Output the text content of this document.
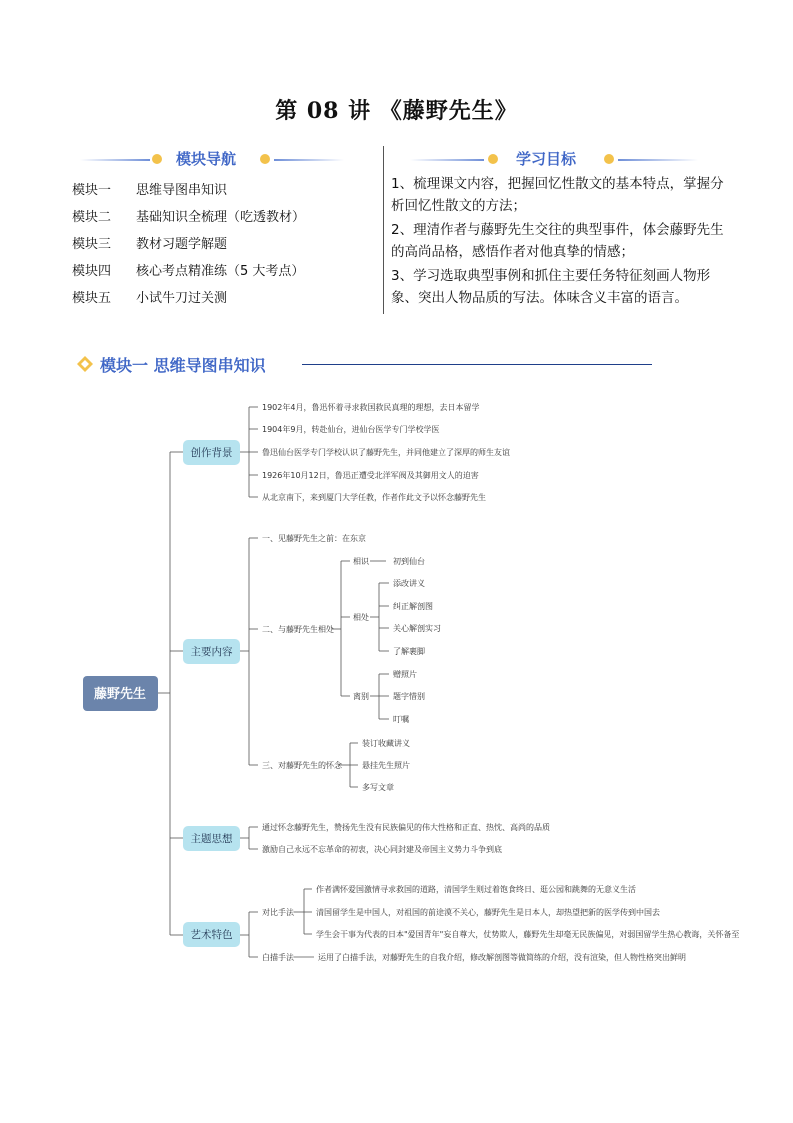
第 08 讲 《藤野先生》
模块导航	学习目标
模块一 思维导图串知识
模块二 基础知识全梳理（吃透教材）
模块三 教材习题学解题
模块四 核心考点精准练（5 大考点）
模块五 小试牛刀过关测
1、梳理课文内容，把握回忆性散文的基本特点，掌握分析回忆性散文的方法；
2、理清作者与藤野先生交往的典型事件，体会藤野先生的高尚品格，感悟作者对他真挚的情感；
3、学习选取典型事例和抓住主要任务特征刻画人物形象、突出人物品质的写法。体味含义丰富的语言。
模块一 思维导图串知识
藤野先生
创作背景
主要内容
主题思想
艺术特色
1902年4月，鲁迅怀着寻求救国救民真理的理想，去日本留学
1904年9月，转赴仙台，进仙台医学专门学校学医
鲁迅仙台医学专门学校认识了藤野先生，并同他建立了深厚的师生友谊
1926年10月12日，鲁迅正遭受北洋军阀及其御用文人的迫害
从北京南下，来到厦门大学任教，作者作此文予以怀念藤野先生
一、见藤野先生之前：在东京
二、与藤野先生相处
相识	初到仙台
相处
添改讲义
纠正解剖图
关心解剖实习
了解裹脚
离别
赠照片
题字惜别
叮嘱
三、对藤野先生的怀念
装订收藏讲义
悬挂先生照片
多写文章
通过怀念藤野先生，赞扬先生没有民族偏见的伟大性格和正直、热忱、高尚的品质
激励自己永远不忘革命的初衷，决心同封建及帝国主义势力斗争到底
对比手法
作者满怀爱国激情寻求救国的道路，清国学生则过着饱食终日、逛公园和跳舞的无意义生活
清国留学生是中国人，对祖国的前途漠不关心，藤野先生是日本人，却热望把新的医学传到中国去
学生会干事为代表的日本"爱国青年"妄自尊大，仗势欺人，藤野先生却毫无民族偏见，对弱国留学生热心教诲，关怀备至
白描手法	运用了白描手法，对藤野先生的自我介绍，修改解剖图等做简练的介绍，没有渲染，但人物性格突出鲜明
